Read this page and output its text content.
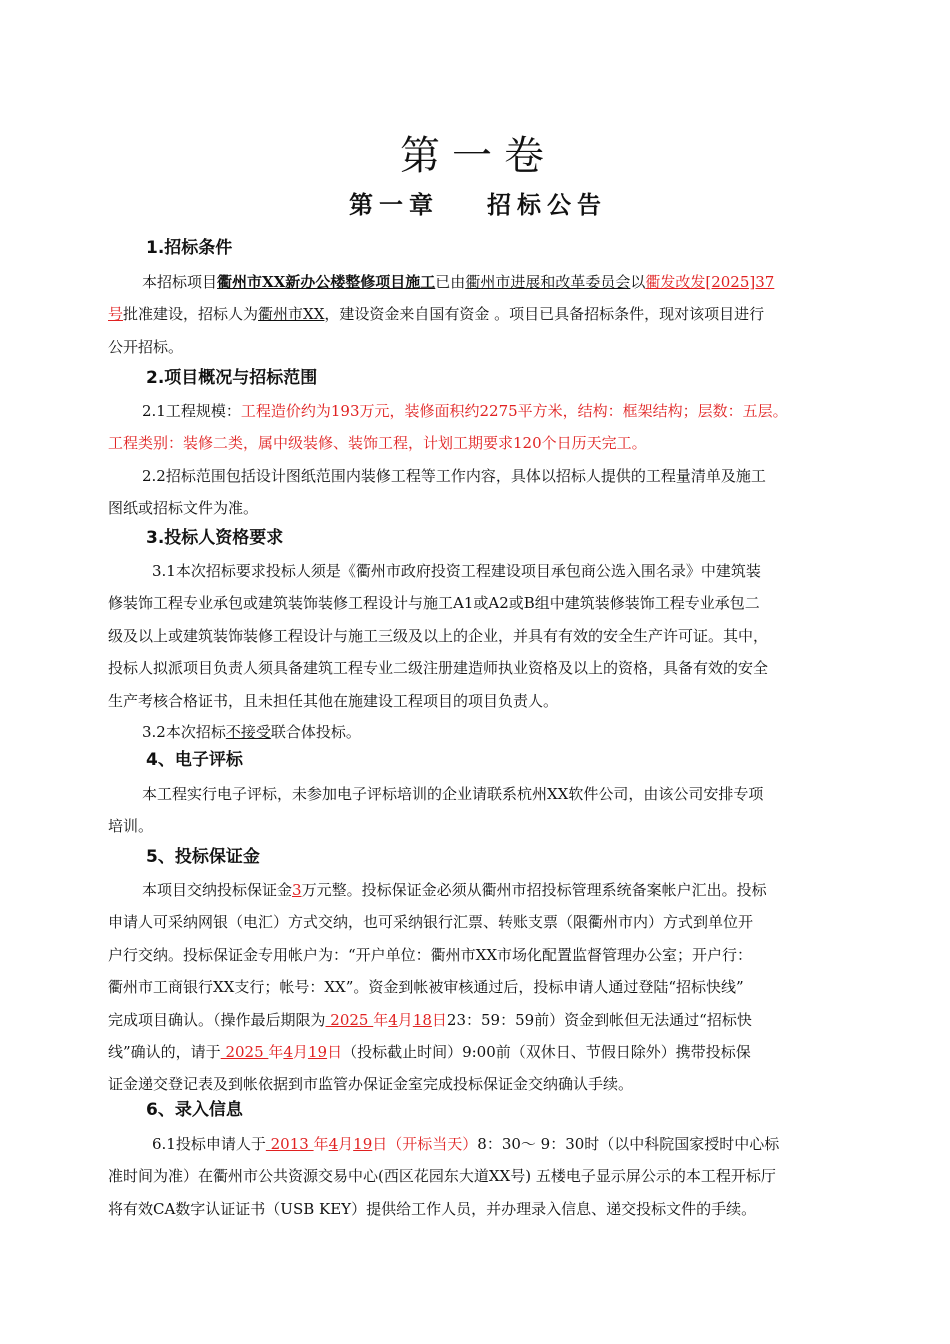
第一卷
第一章 招标公告
1.招标条件
本招标项目衢州市XX新办公楼整修项目施工已由衢州市进展和改革委员会以衢发改发[2025]37
号批准建设，招标人为衢州市XX，建设资金来自国有资金 。项目已具备招标条件，现对该项目进行
公开招标。
2.项目概况与招标范围
2.1工程规模：工程造价约为193万元，装修面积约2275平方米，结构：框架结构；层数：五层。
工程类别：装修二类，属中级装修、装饰工程，计划工期要求120个日历天完工。
2.2招标范围包括设计图纸范围内装修工程等工作内容，具体以招标人提供的工程量清单及施工
图纸或招标文件为准。
3.投标人资格要求
3.1本次招标要求投标人须是《衢州市政府投资工程建设项目承包商公选入围名录》中建筑装
修装饰工程专业承包或建筑装饰装修工程设计与施工A1或A2或B组中建筑装修装饰工程专业承包二
级及以上或建筑装饰装修工程设计与施工三级及以上的企业，并具有有效的安全生产许可证。其中，
投标人拟派项目负责人须具备建筑工程专业二级注册建造师执业资格及以上的资格，具备有效的安全
生产考核合格证书，且未担任其他在施建设工程项目的项目负责人。
3.2本次招标不接受联合体投标。
4、电子评标
本工程实行电子评标，未参加电子评标培训的企业请联系杭州XX软件公司，由该公司安排专项
培训。
5、投标保证金
本项目交纳投标保证金3万元整。投标保证金必须从衢州市招投标管理系统备案帐户汇出。投标
申请人可采纳网银（电汇）方式交纳，也可采纳银行汇票、转账支票（限衢州市内）方式到单位开
户行交纳。投标保证金专用帐户为：“开户单位：衢州市XX市场化配置监督管理办公室；开户行：
衢州市工商银行XX支行；帐号：XX”。资金到帐被审核通过后，投标申请人通过登陆“招标快线”
完成项目确认。（操作最后期限为 2025 年4月18日23：59：59前）资金到帐但无法通过“招标快
线”确认的，请于 2025 年4月19日（投标截止时间）9:00前（双休日、节假日除外）携带投标保
证金递交登记表及到帐依据到市监管办保证金室完成投标保证金交纳确认手续。
6、录入信息
6.1投标申请人于 2013 年4月19日（开标当天）8：30～ 9：30时（以中科院国家授时中心标
准时间为准）在衢州市公共资源交易中心(西区花园东大道XX号) 五楼电子显示屏公示的本工程开标厅
将有效CA数字认证证书（USB KEY）提供给工作人员，并办理录入信息、递交投标文件的手续。
